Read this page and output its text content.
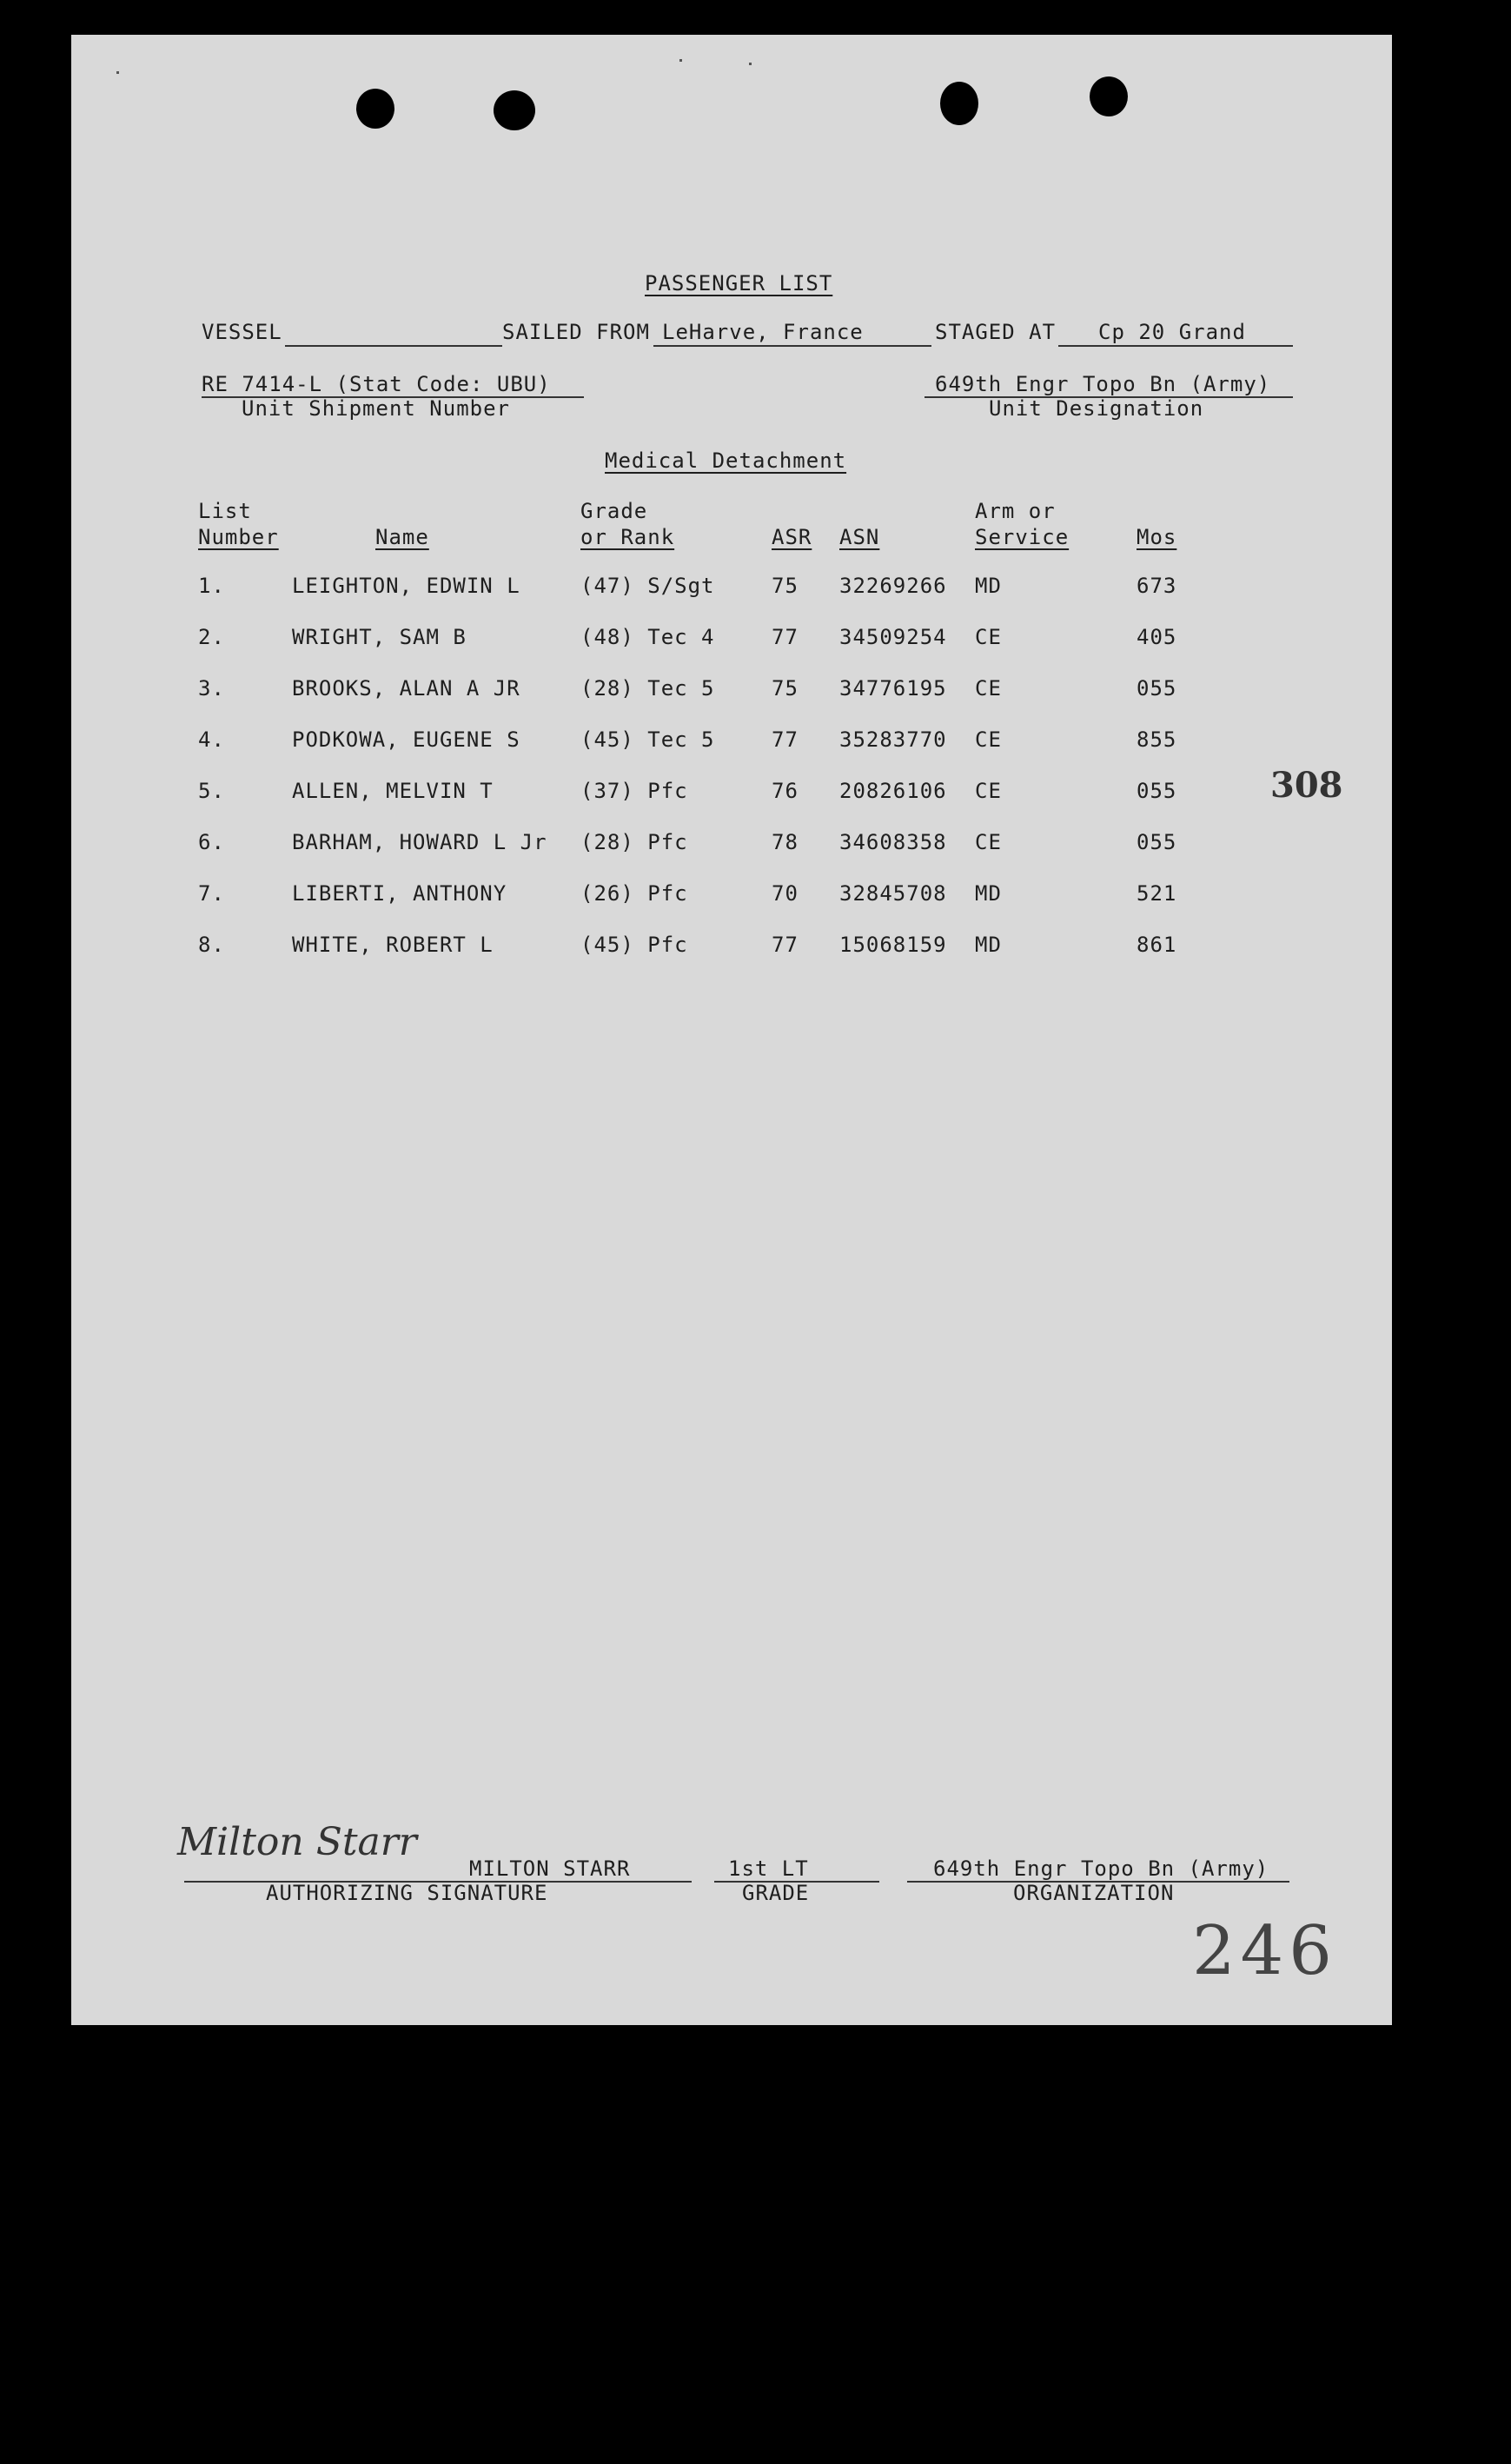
PASSENGER LIST
VESSEL	SAILED FROM LeHarve, France	STAGED AT Cp 20 Grand
RE 7414-L (Stat Code: UBU)
Unit Shipment Number
649th Engr Topo Bn (Army)
Unit Designation
Medical Detachment
List
Number	Name
Grade
or Rank	ASR ASN
Arm or
Service	Mos
1.	LEIGHTON, EDWIN L	(47) S/Sgt	75 32269266 MD	673
2.	WRIGHT, SAM B	(48) Tec 4	77 34509254 CE	405
3.	BROOKS, ALAN A JR	(28) Tec 5	75 34776195 CE	055
4.	PODKOWA, EUGENE S	(45) Tec 5	77 35283770 CE	855
5.	ALLEN, MELVIN T	(37) Pfc	76 20826106 CE	055
6.	BARHAM, HOWARD L Jr (28) Pfc	78 34608358 CE	055
7.	LIBERTI, ANTHONY	(26) Pfc	70 32845708 MD	521
8.	WHITE, ROBERT L	(45) Pfc	77 15068159 MD	861
308
Milton Starr
MILTON STARR
AUTHORIZING SIGNATURE
1st LT
GRADE
649th Engr Topo Bn (Army)
ORGANIZATION
246
